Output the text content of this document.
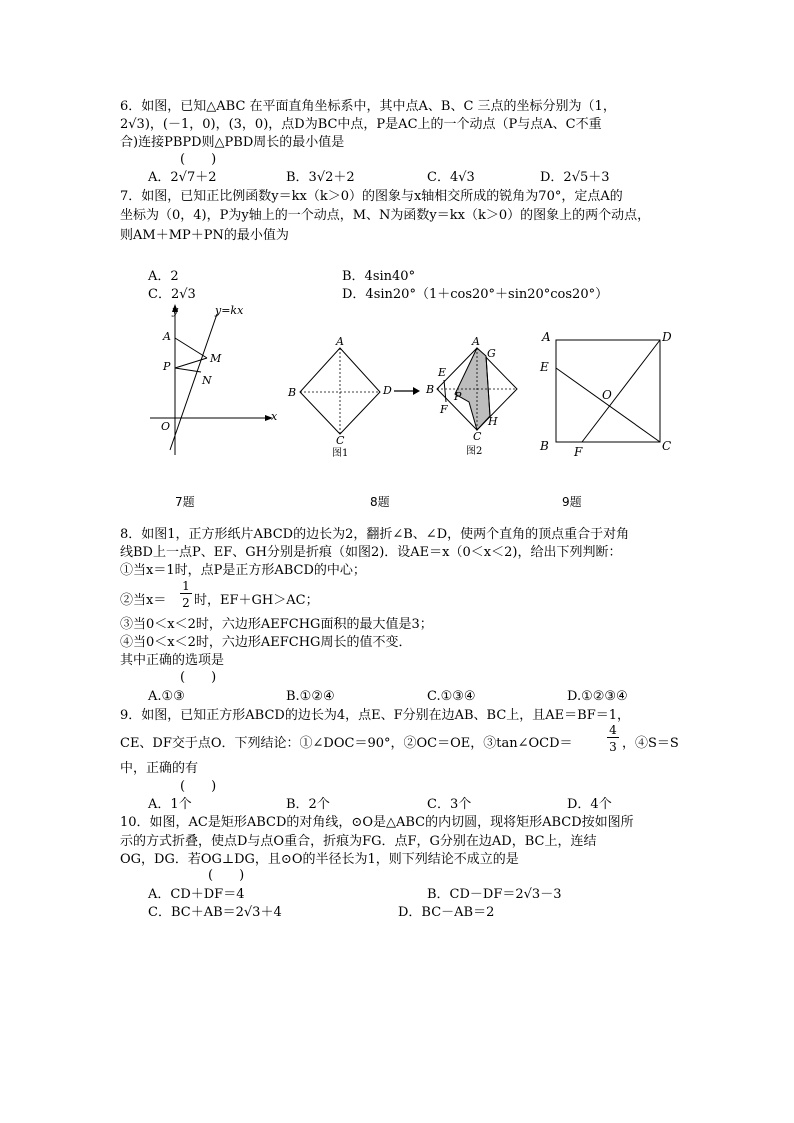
6．如图，已知△ABC 在平面直角坐标系中，其中点A、B、C 三点的坐标分别为（1，
2√3)，(－1，0)，(3，0)，点D为BC中点，P是AC上的一个动点（P与点A、C不重
合)连接PBPD则△PBD周长的最小值是
(　　)
A．2√7＋2	B．3√2＋2	C．4√3	D．2√5＋3
7．如图，已知正比例函数y＝kx（k＞0）的图象与x轴相交所成的锐角为70°，定点A的
坐标为（0，4)，P为y轴上的一个动点，M、N为函数y＝kx（k＞0）的图象上的两个动点，
则AM＋MP＋PN的最小值为
A．2	B．4sin40°
C．2√3	D．4sin20°（1＋cos20°＋sin20°cos20°）
y	y=kx
x
A
P
M
N
O
A
B
C
D
图1
A
G
E
B
P
F
H
C
图2
A	D
E
O
B F	C
7题	8题	9题
8．如图1，正方形纸片ABCD的边长为2，翻折∠B、∠D，使两个直角的顶点重合于对角
线BD上一点P、EF、GH分别是折痕（如图2)．设AE＝x（0＜x＜2)，给出下列判断：
①当x＝1时，点P是正方形ABCD的中心；
②当x＝
1
2 时，EF＋GH＞AC；
③当0＜x＜2时，六边形AEFCHG面积的最大值是3；
④当0＜x＜2时，六边形AEFCHG周长的值不变．
其中正确的选项是
(　　)
A.①③	B.①②④	C.①③④	D.①②③④
9．如图，已知正方形ABCD的边长为4，点E、F分别在边AB、BC上，且AE＝BF＝1，
CE、DF交于点O．下列结论：①∠DOC＝90°，②OC＝OE，③tan∠OCD＝
4
3 ，④S＝S
中，正确的有
(　　)
A．1个	B．2个	C．3个	D．4个
10．如图，AC是矩形ABCD的对角线，⊙O是△ABC的内切圆，现将矩形ABCD按如图所
示的方式折叠，使点D与点O重合，折痕为FG．点F，G分别在边AD，BC上，连结
OG，DG．若OG⊥DG，且⊙O的半径长为1，则下列结论不成立的是
(　　)
A．CD＋DF＝4	B．CD－DF＝2√3－3
C．BC＋AB＝2√3＋4	D．BC－AB＝2
